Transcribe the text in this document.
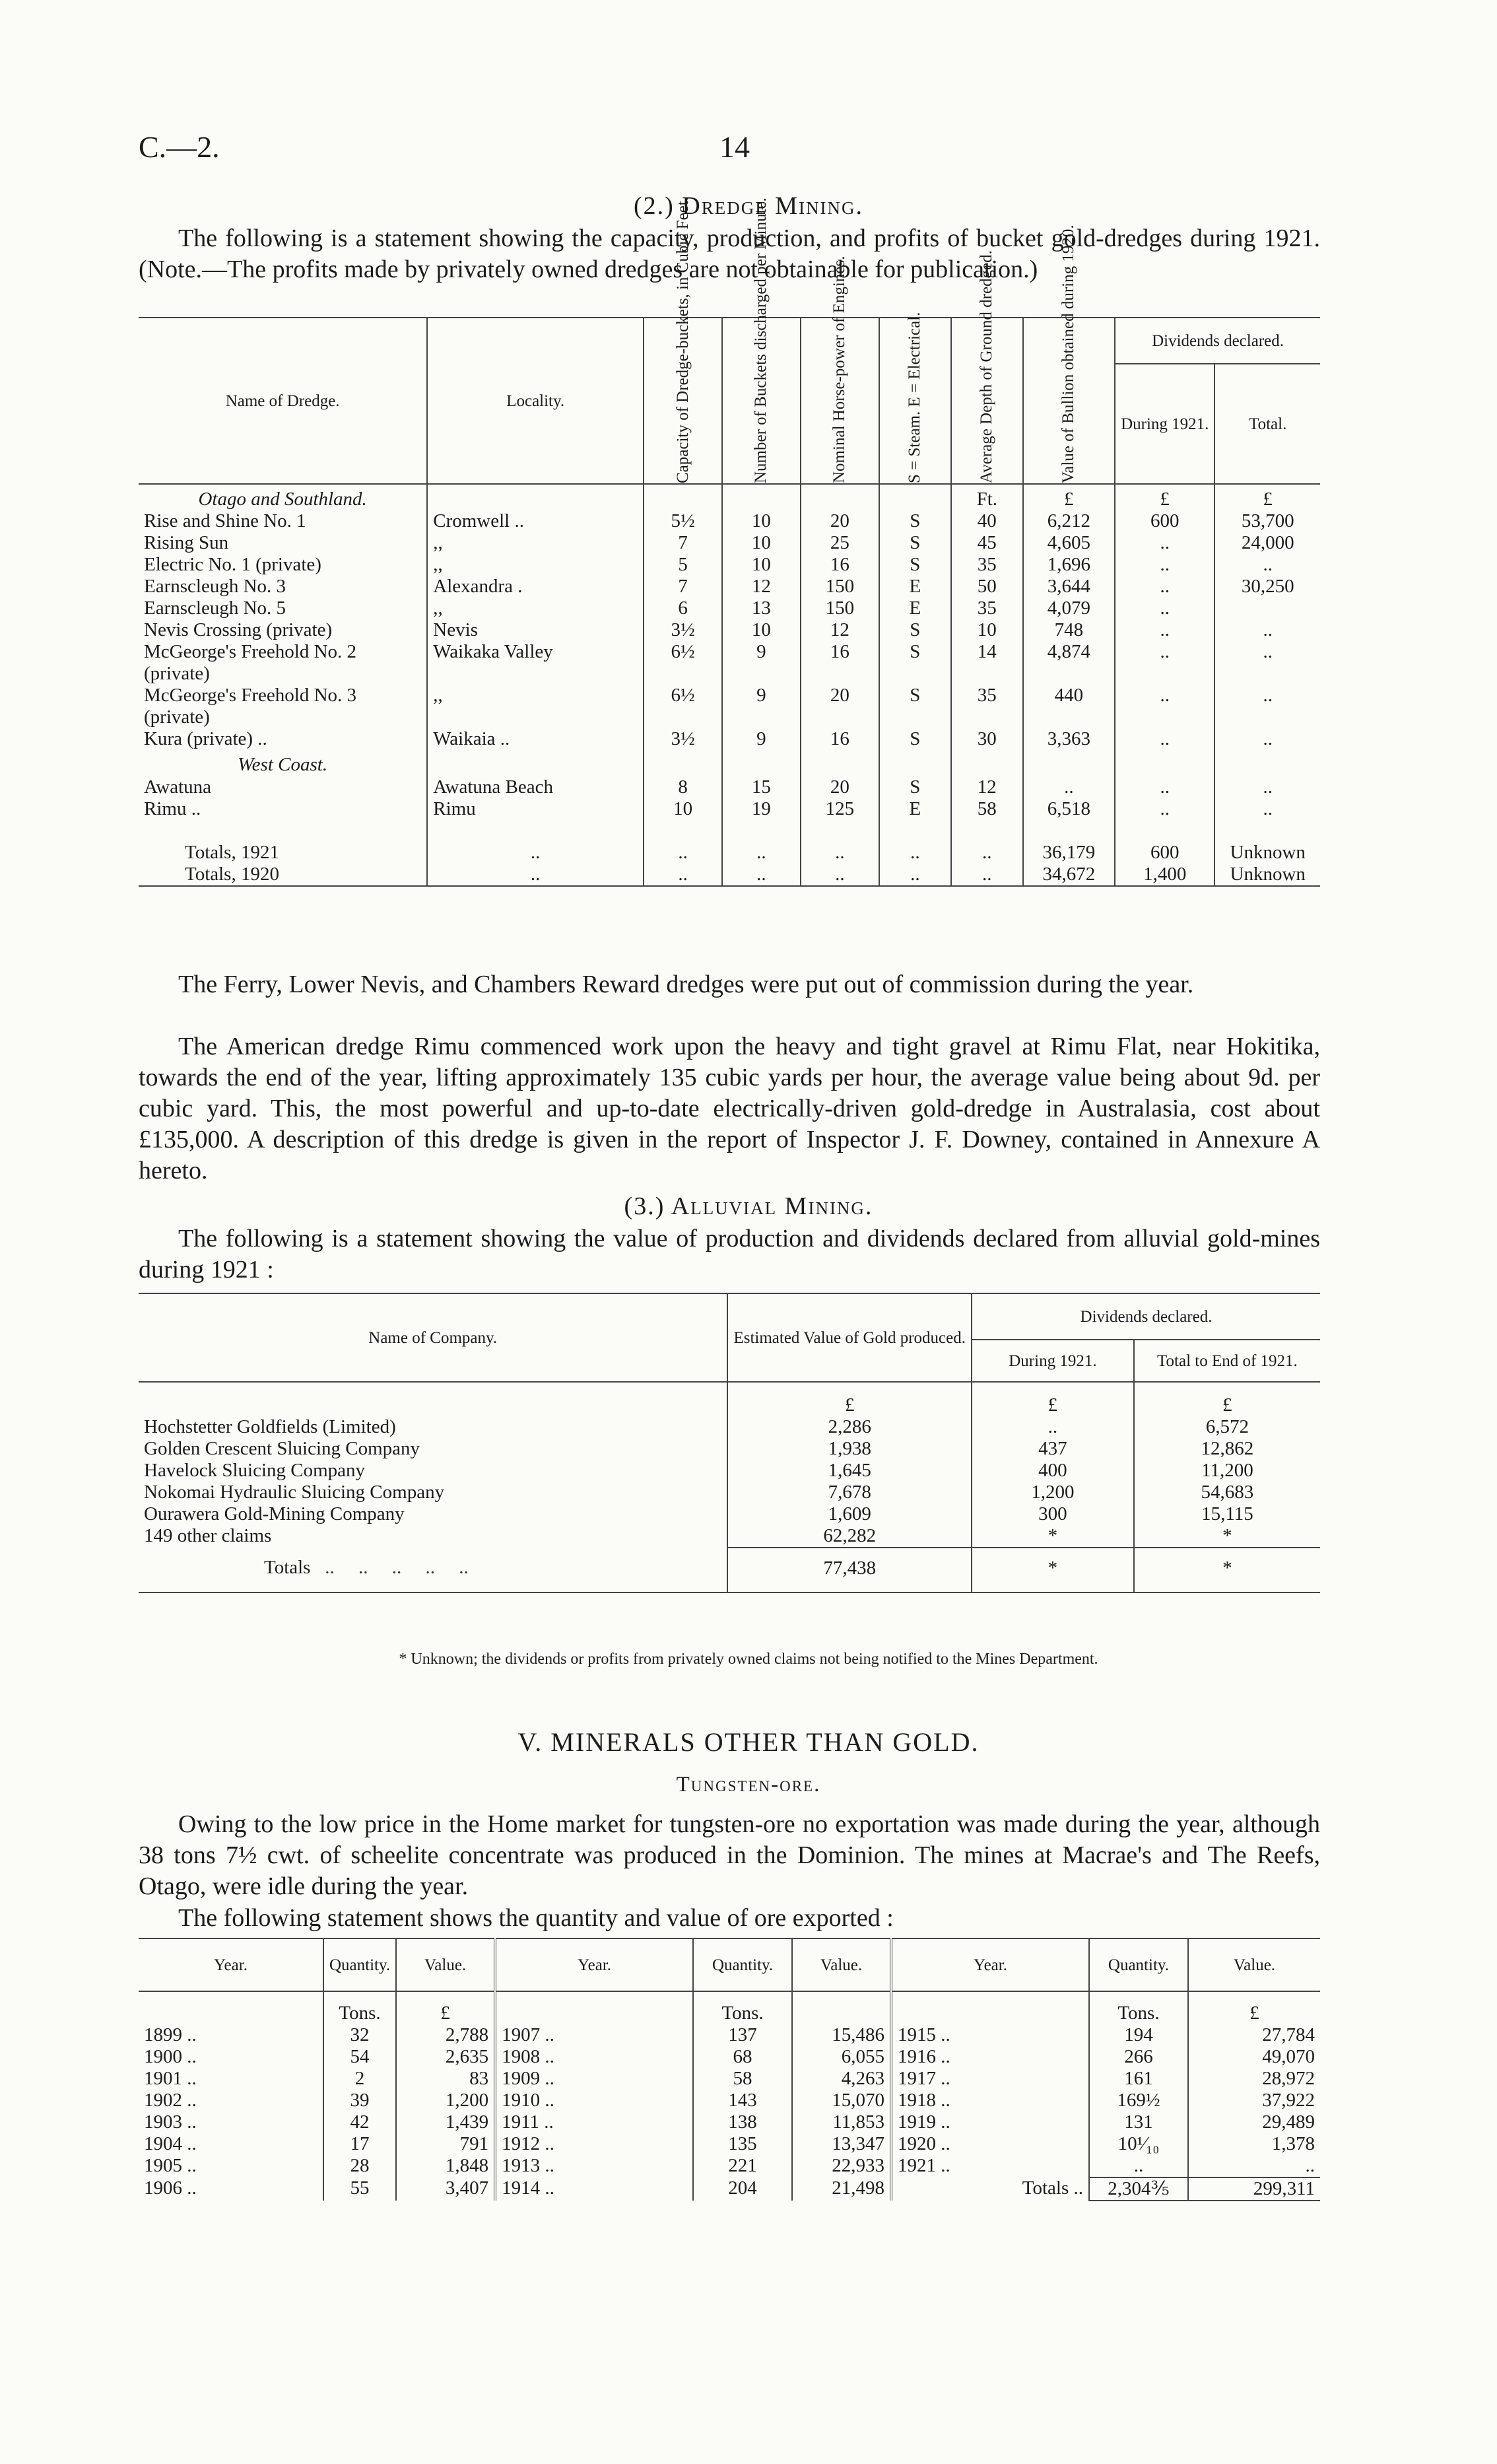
C.—2.	14
(2.) Dredge Mining.
The following is a statement showing the capacity, production, and profits of bucket gold-dredges during 1921. (Note.—The profits made by privately owned dredges are not obtainable for publication.)
Name of Dredge.	Locality.	Capacity of Dredge-buckets, in Cubic Feet.	Number of Buckets discharged per Minute.	Nominal Horse-power of Engines.	S = Steam. E = Electrical.	Average Depth of Ground dredged.	Value of Bullion obtained during 1920.	Dividends declared.	
								During 1921.	Total.
Otago and Southland.						Ft.	£	£	£
Rise and Shine No. 1	Cromwell ..	5½	10	20	S	40	6,212	600	53,700
Rising Sun	,,	7	10	25	S	45	4,605	..	24,000
Electric No. 1 (private)	,,	5	10	16	S	35	1,696	..	..
Earnscleugh No. 3	Alexandra .	7	12	150	E	50	3,644	..	30,250
Earnscleugh No. 5	,,	6	13	150	E	35	4,079	..	
Nevis Crossing (private)	Nevis	3½	10	12	S	10	748	..	..
McGeorge's Freehold No. 2 (private)	Waikaka Valley	6½	9	16	S	14	4,874	..	..
McGeorge's Freehold No. 3 (private)	,,	6½	9	20	S	35	440	..	..
Kura (private) ..	Waikaia ..	3½	9	16	S	30	3,363	..	..
West Coast.									
Awatuna	Awatuna Beach	8	15	20	S	12	..	..	..
Rimu ..	Rimu	10	19	125	E	58	6,518	..	..

Totals, 1921	..	..	..	..	..	..	36,179	600	Unknown
Totals, 1920	..	..	..	..	..	..	34,672	1,400	Unknown
The Ferry, Lower Nevis, and Chambers Reward dredges were put out of commission during the year.
The American dredge Rimu commenced work upon the heavy and tight gravel at Rimu Flat, near Hokitika, towards the end of the year, lifting approximately 135 cubic yards per hour, the average value being about 9d. per cubic yard. This, the most powerful and up-to-date electrically-driven gold-dredge in Australasia, cost about £135,000. A description of this dredge is given in the report of Inspector J. F. Downey, contained in Annexure A hereto.
(3.) Alluvial Mining.
The following is a statement showing the value of production and dividends declared from alluvial gold-mines during 1921 :
Name of Company.	Estimated Value of Gold produced.	Dividends declared.	
		During 1921.	Total to End of 1921.
	£	£	£
Hochstetter Goldfields (Limited)	2,286	..	6,572
Golden Crescent Sluicing Company	1,938	437	12,862
Havelock Sluicing Company	1,645	400	11,200
Nokomai Hydraulic Sluicing Company	7,678	1,200	54,683
Ourawera Gold-Mining Company	1,609	300	15,115
149 other claims	62,282	*	*
Totals   ..     ..     ..     ..     ..	77,438	*	*

* Unknown; the dividends or profits from privately owned claims not being notified to the Mines Department.
V. MINERALS OTHER THAN GOLD.
Tungsten-ore.
Owing to the low price in the Home market for tungsten-ore no exportation was made during the year, although 38 tons 7½ cwt. of scheelite concentrate was produced in the Dominion. The mines at Macrae's and The Reefs, Otago, were idle during the year.
The following statement shows the quantity and value of ore exported :
Year.	Quantity.	Value.	Year.	Quantity.	Value.	Year.	Quantity.	Value.
	Tons.	£		Tons.			Tons.	£
1899 ..	32	2,788	1907 ..	137	15,486	1915 ..	194	27,784
1900 ..	54	2,635	1908 ..	68	6,055	1916 ..	266	49,070
1901 ..	2	83	1909 ..	58	4,263	1917 ..	161	28,972
1902 ..	39	1,200	1910 ..	143	15,070	1918 ..	169½	37,922
1903 ..	42	1,439	1911 ..	138	11,853	1919 ..	131	29,489
1904 ..	17	791	1912 ..	135	13,347	1920 ..	10¹⁄₁₀	1,378
1905 ..	28	1,848	1913 ..	221	22,933	1921 ..	..	..
1906 ..	55	3,407	1914 ..	204	21,498	Totals ..	2,304⅗	299,311
